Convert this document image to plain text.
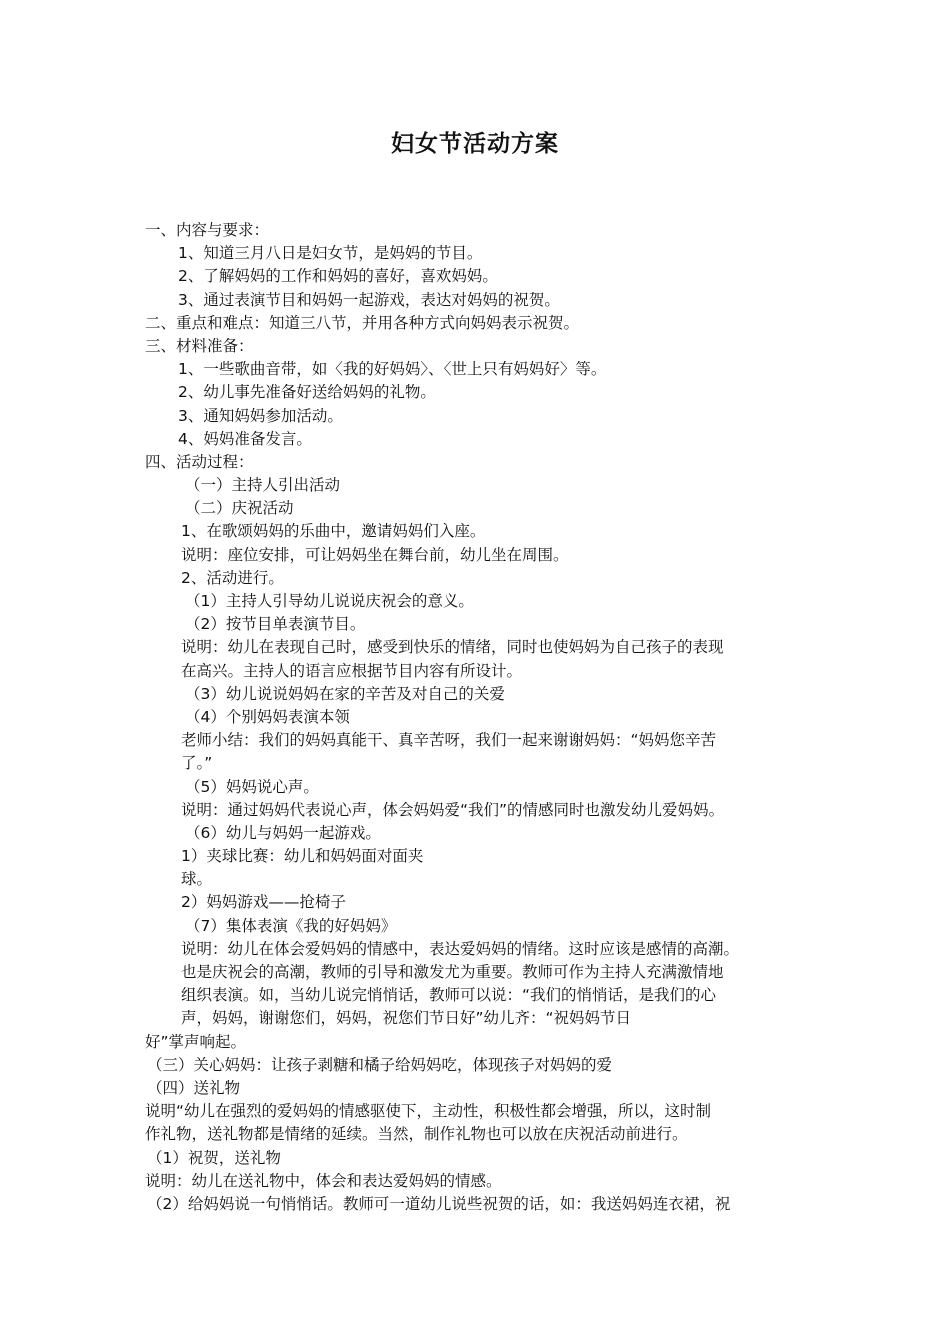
妇女节活动方案
一、内容与要求：
1、知道三月八日是妇女节，是妈妈的节目。
2、了解妈妈的工作和妈妈的喜好，喜欢妈妈。
3、通过表演节目和妈妈一起游戏，表达对妈妈的祝贺。
二、重点和难点：知道三八节，并用各种方式向妈妈表示祝贺。
三、材料准备：
1、一些歌曲音带，如〈我的好妈妈〉、〈世上只有妈妈好〉等。
2、幼儿事先准备好送给妈妈的礼物。
3、通知妈妈参加活动。
4、妈妈准备发言。
四、活动过程：
（一）主持人引出活动
（二）庆祝活动
1、在歌颂妈妈的乐曲中，邀请妈妈们入座。
说明：座位安排，可让妈妈坐在舞台前，幼儿坐在周围。
2、活动进行。
（1）主持人引导幼儿说说庆祝会的意义。
（2）按节目单表演节目。
说明：幼儿在表现自己时，感受到快乐的情绪，同时也使妈妈为自己孩子的表现
在高兴。主持人的语言应根据节目内容有所设计。
（3）幼儿说说妈妈在家的辛苦及对自己的关爱
（4）个别妈妈表演本领
老师小结：我们的妈妈真能干、真辛苦呀，我们一起来谢谢妈妈：“妈妈您辛苦
了。”
（5）妈妈说心声。
说明：通过妈妈代表说心声，体会妈妈爱“我们”的情感同时也激发幼儿爱妈妈。
（6）幼儿与妈妈一起游戏。
1）夹球比赛：幼儿和妈妈面对面夹
球。
2）妈妈游戏——抢椅子
（7）集体表演《我的好妈妈》
说明：幼儿在体会爱妈妈的情感中，表达爱妈妈的情绪。这时应该是感情的高潮。
也是庆祝会的高潮，教师的引导和激发尤为重要。教师可作为主持人充满激情地
组织表演。如，当幼儿说完悄悄话，教师可以说：“我们的悄悄话，是我们的心
声，妈妈，谢谢您们，妈妈，祝您们节日好”幼儿齐：“祝妈妈节日
好”掌声响起。
（三）关心妈妈：让孩子剥糖和橘子给妈妈吃，体现孩子对妈妈的爱
（四）送礼物
说明“幼儿在强烈的爱妈妈的情感驱使下，主动性，积极性都会增强，所以，这时制
作礼物，送礼物都是情绪的延续。当然，制作礼物也可以放在庆祝活动前进行。
（1）祝贺，送礼物
说明：幼儿在送礼物中，体会和表达爱妈妈的情感。
（2）给妈妈说一句悄悄话。教师可一道幼儿说些祝贺的话，如：我送妈妈连衣裙，祝
